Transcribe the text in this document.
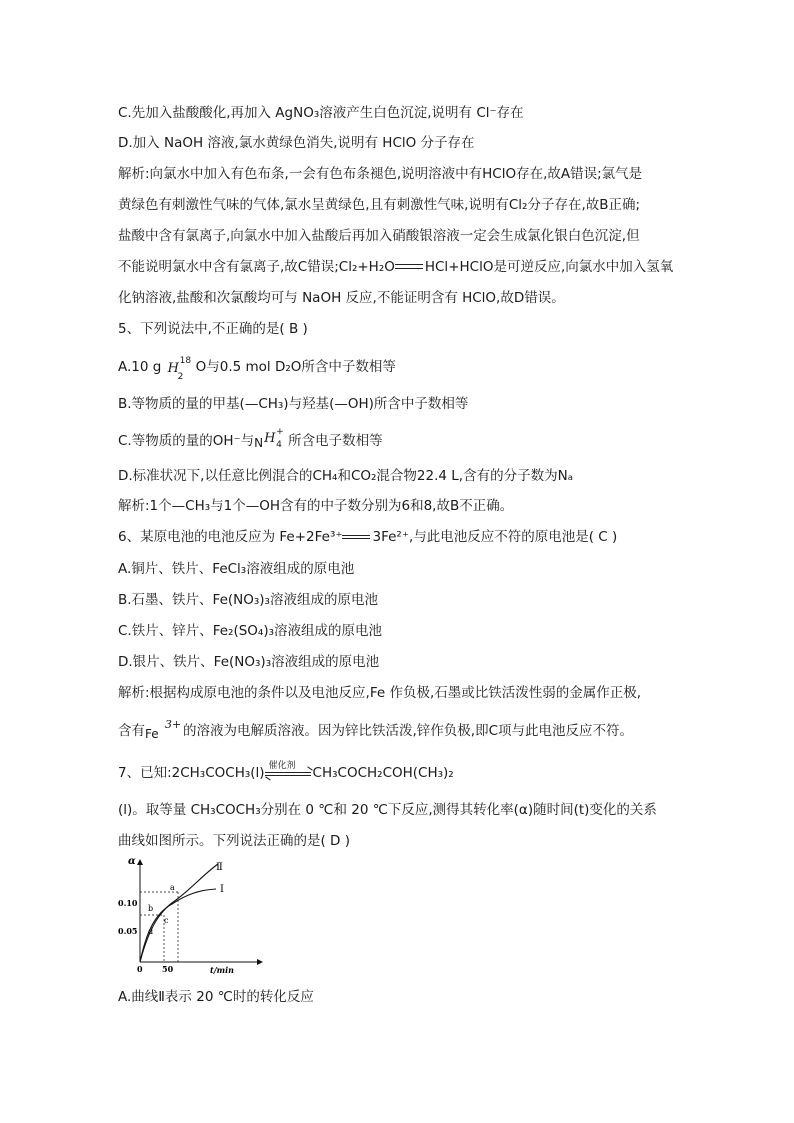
C.先加入盐酸酸化,再加入 AgNO₃溶液产生白色沉淀,说明有 Cl⁻存在
D.加入 NaOH 溶液,氯水黄绿色消失,说明有 HClO 分子存在
解析:向氯水中加入有色布条,一会有色布条褪色,说明溶液中有HClO存在,故A错误;氯气是
黄绿色有刺激性气味的气体,氯水呈黄绿色,且有刺激性气味,说明有Cl₂分子存在,故B正确;
盐酸中含有氯离子,向氯水中加入盐酸后再加入硝酸银溶液一定会生成氯化银白色沉淀,但
不能说明氯水中含有氯离子,故C错误;Cl₂+H₂O HCl+HClO是可逆反应,向氯水中加入氢氧
化钠溶液,盐酸和次氯酸均可与 NaOH 反应,不能证明含有 HClO,故D错误。
5、下列说法中,不正确的是( B )
A.10 g H
2
18 O与0.5 mol D₂O所含中子数相等
B.等物质的量的甲基(—CH₃)与羟基(—OH)所含中子数相等
C.等物质的量的OH⁻与 N H 4
+
所含电子数相等
D.标准状况下,以任意比例混合的CH₄和CO₂混合物22.4 L,含有的分子数为Nₐ
解析:1个—CH₃与1个—OH含有的中子数分别为6和8,故B不正确。
6、某原电池的电池反应为 Fe+2Fe³⁺ 3Fe²⁺,与此电池反应不符的原电池是( C )
A.铜片、铁片、FeCl₃溶液组成的原电池
B.石墨、铁片、Fe(NO₃)₃溶液组成的原电池
C.铁片、锌片、Fe₂(SO₄)₃溶液组成的原电池
D.银片、铁片、Fe(NO₃)₃溶液组成的原电池
解析:根据构成原电池的条件以及电池反应,Fe 作负极,石墨或比铁活泼性弱的金属作正极,
含有 Fe
3+ 的溶液为电解质溶液。因为锌比铁活泼,锌作负极,即C项与此电池反应不符。
7、已知:2CH₃COCH₃(l) 催化剂 CH₃COCH₂COH(CH₃)₂
(l)。取等量 CH₃COCH₃分别在 0 ℃和 20 ℃下反应,测得其转化率(α)随时间(t)变化的关系
曲线如图所示。下列说法正确的是( D )
α
t/min
0.10
0.05
0 50
Ⅱ
Ⅰ
a
b
c
d
A.曲线Ⅱ表示 20 ℃时的转化反应
